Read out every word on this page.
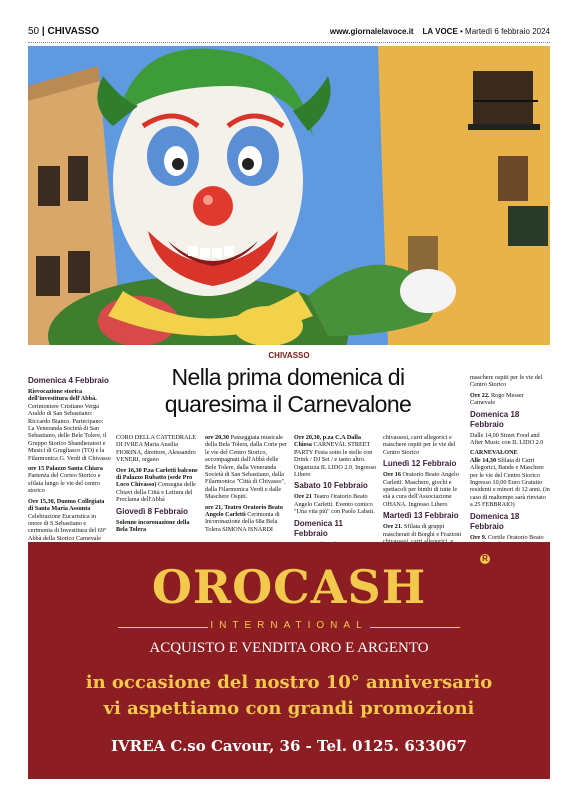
50 | CHIVASSO	www.giornalelavoce.it LA VOCE • Martedì 6 febbraio 2024
CHIVASSO
Nella prima domenica di quaresima il Carnevalone
Domenica 4 Febbraio

Rievocazione storica dell'investitura dell'Abbà. Cerimoniere Cristiano Verga Araldo di San Sebastiano: Riccardo Bianco. Partecipano: La Veneranda Società di San Sebastiano, delle Bele Tolere, il Gruppo Storico Sbandieratori e Musici di Grugliasco (TO) e la Filarmonica G. Verdi di Chivasso

ore 15 Palazzo Santa Chiara Partenza del Corteo Storico e sfilata lungo le vie del centro storico

Ore 15,30, Duomo Collegiata di Santa Maria Assunta Celebrazione Eucaristica in onore di S.Sebastiano e cerimonia di Investitura del 69° Abbà della Storico Carnevale

CORO DELLA CATTEDRALE DI IVREA Maria Ausilia FIORINA, direttore, Alessandro VENERI, organo

Ore 16,30 P.za Carletti balcone di Palazzo Rubatto (sede Pro Loco Chivasso) Consegna delle Chiavi della Città e Lettura del Proclama dell'Abbà

Giovedì 8 Febbraio

Solenne incoronazione della Bela Tolera

ore 20,30 Passeggiata musicale della Bela Tolera, dalla Corte per le vie del Centro Storico, accompagnati dall'Abbà delle Bele Tolere, dalla Veneranda Società di San Sebastiano, dalla Filarmonica "Città di Chivasso", dalla Filarmonica Verdi e dalle Maschere Ospiti.

ore 21, Teatro Oratorio Beato Angelo Carletti Cerimonia di Incoronazione della 68a Bela Tolera SIMONA ISNARDI

Ore 20,30, p.za C.A Dalla Chiesa CARNEVAL STREET PARTY Festa sotto le stelle con Drink / DJ Set / e tanto altro. Organizza IL LIDO 2.0. Ingresso Libero

Sabato 10 Febbraio

Ore 21 Teatro Oratorio Beato Angelo Carletti. Evento comico "Una vita più" con Paolo Labati.

Domenica 11 Febbraio

chivassesi, carri allegorici e maschere ospiti per le vie del Centro Storico

Lunedì 12 Febbraio

Ore 16 Oratorio Beato Angelo Carletti. Maschere, giochi e spettacoli per bimbi di tutte le età a cura dell'Associazione OHANA. Ingresso Libero

Martedì 13 Febbraio

Ore 21. Sfilata di gruppi mascherati di Borghi e Frazioni

maschere ospiti per le vie del Centro Storico

Ore 22. Rogo Messer Carnevale

Domenica 18 Febbraio

Dalle 14,00 Street Food and After Music con IL LIDO 2.0

CARNEVALONE
Alle 14,30 Sfilata di Carri Allegorici, Bande e Maschere per le vie del Centro Storico Ingresso 10,00 Euro Gratuito residenti e minori di 12 anni. (in caso di maltempo sarà rinviato a 25 FEBBRAIO)

Domenica 18 Febbraio

Ore 9. Cortile Oratorio Beato

OROCASH
R
INTERNATIONAL
ACQUISTO E VENDITA ORO E ARGENTO
in occasione del nostro 10° anniversario
vi aspettiamo con grandi promozioni
IVREA C.so Cavour, 36 - Tel. 0125. 633067
